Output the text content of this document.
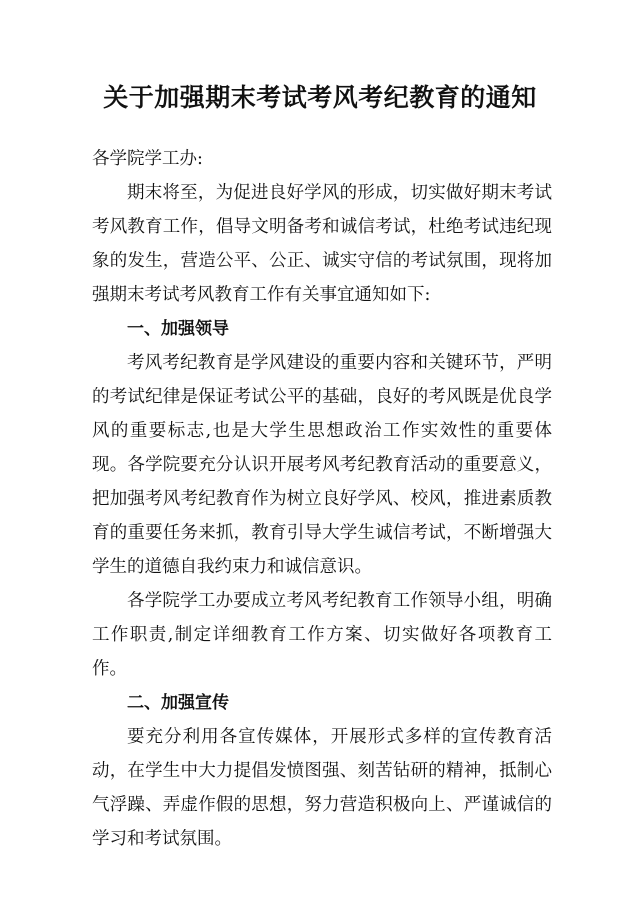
关于加强期末考试考风考纪教育的通知

各学院学工办:

期末将至，为促进良好学风的形成，切实做好期末考试考风教育工作，倡导文明备考和诚信考试，杜绝考试违纪现象的发生，营造公平、公正、诚实守信的考试氛围，现将加强期末考试考风教育工作有关事宜通知如下:

一、加强领导

考风考纪教育是学风建设的重要内容和关键环节，严明的考试纪律是保证考试公平的基础，良好的考风既是优良学风的重要标志,也是大学生思想政治工作实效性的重要体现。各学院要充分认识开展考风考纪教育活动的重要意义，把加强考风考纪教育作为树立良好学风、校风，推进素质教育的重要任务来抓，教育引导大学生诚信考试，不断增强大学生的道德自我约束力和诚信意识。

各学院学工办要成立考风考纪教育工作领导小组，明确工作职责,制定详细教育工作方案、切实做好各项教育工作。

二、加强宣传

要充分利用各宣传媒体，开展形式多样的宣传教育活动，在学生中大力提倡发愤图强、刻苦钻研的精神，抵制心气浮躁、弄虚作假的思想，努力营造积极向上、严谨诚信的学习和考试氛围。
